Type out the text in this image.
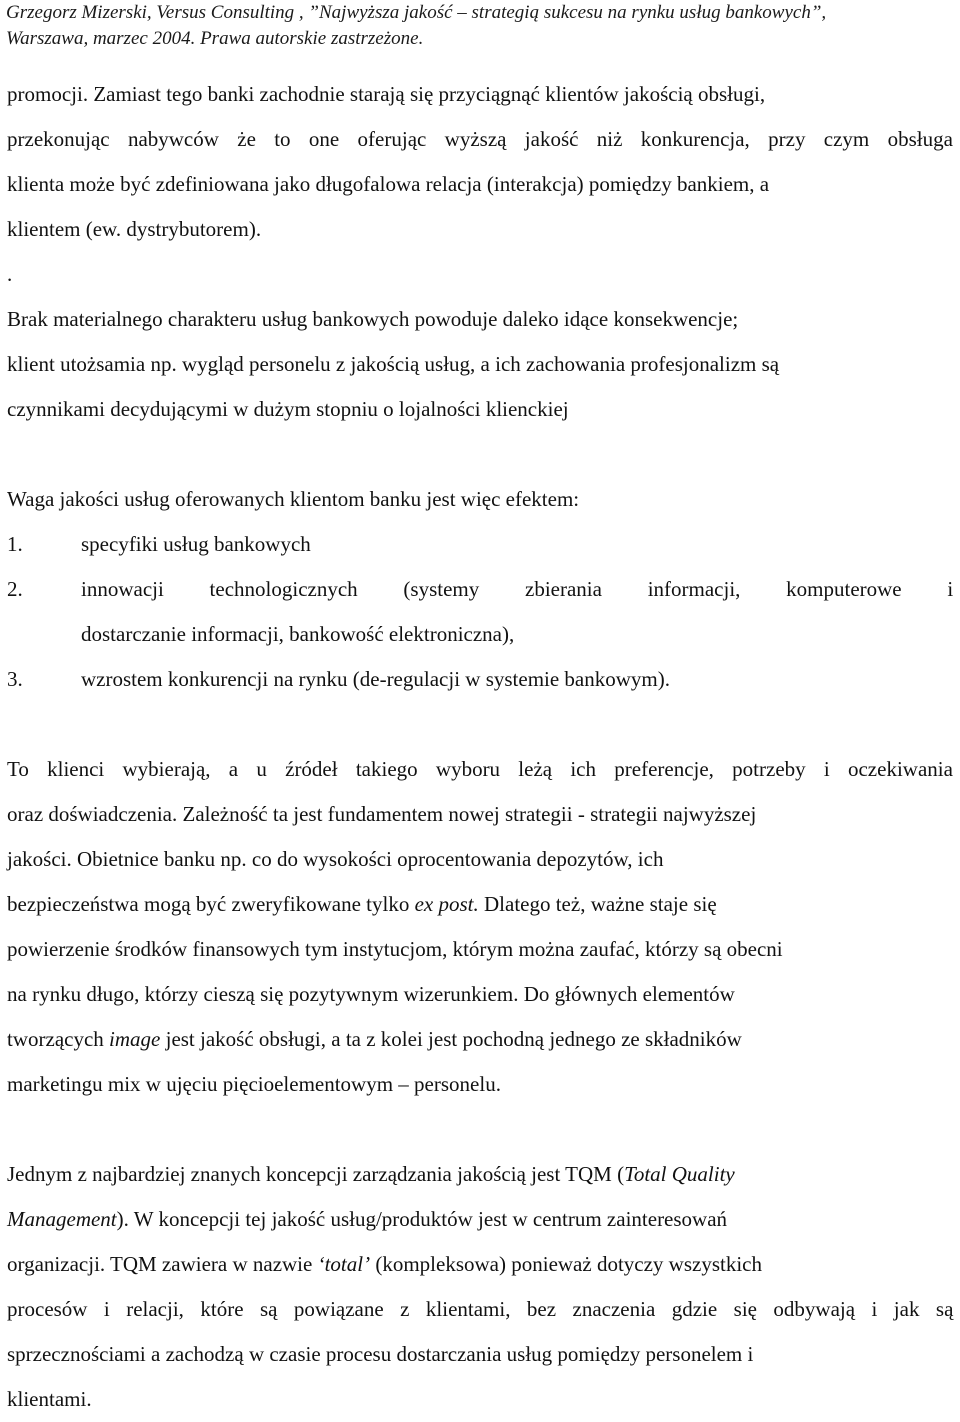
Grzegorz Mizerski, Versus Consulting , ”Najwyższa jakość – strategią sukcesu na rynku usług bankowych”,
Warszawa, marzec 2004. Prawa autorskie zastrzeżone.
promocji. Zamiast tego banki zachodnie starają się przyciągnąć klientów jakością obsługi,
przekonując nabywców że to one oferując wyższą jakość niż konkurencja, przy czym obsługa
klienta może być zdefiniowana jako długofalowa relacja (interakcja) pomiędzy bankiem, a
klientem (ew. dystrybutorem).
.
Brak materialnego charakteru usług bankowych powoduje daleko idące konsekwencje;
klient utożsamia np. wygląd personelu z jakością usług, a ich zachowania profesjonalizm są
czynnikami decydującymi w dużym stopniu o lojalności klienckiej
Waga jakości usług oferowanych klientom banku jest więc efektem:
1.	specyfiki usług bankowych
2.	innowacji technologicznych (systemy zbierania informacji, komputerowe i
dostarczanie informacji, bankowość elektroniczna),
3.	wzrostem konkurencji na rynku (de-regulacji w systemie bankowym).
To klienci wybierają, a u źródeł takiego wyboru leżą ich preferencje, potrzeby i oczekiwania
oraz doświadczenia. Zależność ta jest fundamentem nowej strategii - strategii najwyższej
jakości. Obietnice banku np. co do wysokości oprocentowania depozytów, ich
bezpieczeństwa mogą być zweryfikowane tylko ex post. Dlatego też, ważne staje się
powierzenie środków finansowych tym instytucjom, którym można zaufać, którzy są obecni
na rynku długo, którzy cieszą się pozytywnym wizerunkiem. Do głównych elementów
tworzących image jest jakość obsługi, a ta z kolei jest pochodną jednego ze składników
marketingu mix w ujęciu pięcioelementowym – personelu.
Jednym z najbardziej znanych koncepcji zarządzania jakością jest TQM (Total Quality
Management). W koncepcji tej jakość usług/produktów jest w centrum zainteresowań
organizacji. TQM zawiera w nazwie ‘total’ (kompleksowa) ponieważ dotyczy wszystkich
procesów i relacji, które są powiązane z klientami, bez znaczenia gdzie się odbywają i jak są
sprzecznościami a zachodzą w czasie procesu dostarczania usług pomiędzy personelem i
klientami.
